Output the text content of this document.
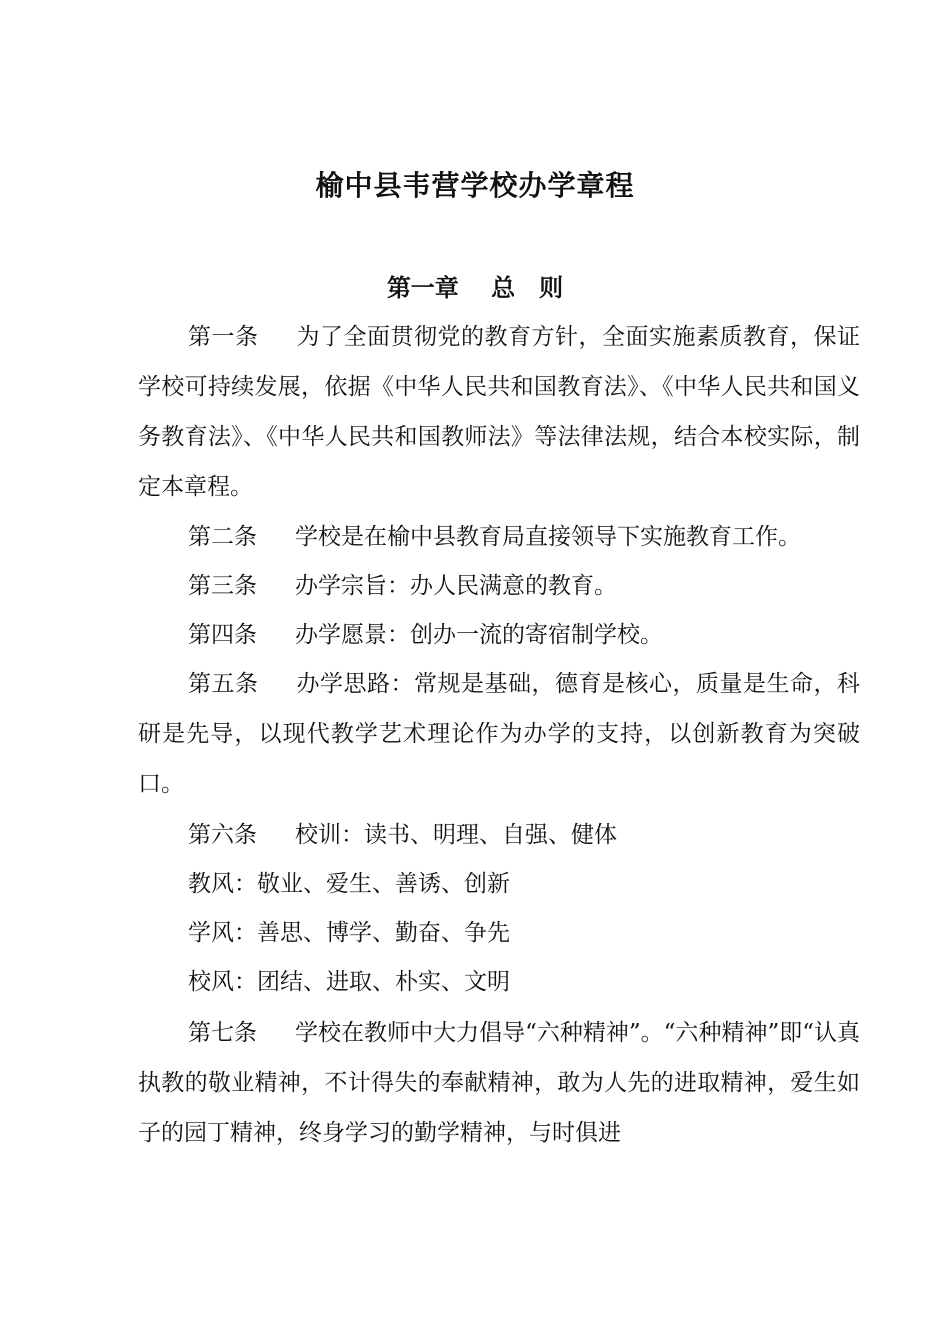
榆中县韦营学校办学章程
第一章　 总　则
第一条 为了全面贯彻党的教育方针，全面实施素质教育，保证学校可持续发展，依据《中华人民共和国教育法》、《中华人民共和国义务教育法》、《中华人民共和国教师法》等法律法规，结合本校实际，制定本章程。
第二条 学校是在榆中县教育局直接领导下实施教育工作。
第三条 办学宗旨：办人民满意的教育。
第四条 办学愿景：创办一流的寄宿制学校。
第五条 办学思路：常规是基础，德育是核心，质量是生命，科研是先导，以现代教学艺术理论作为办学的支持，以创新教育为突破口。
第六条 校训：读书、明理、自强、健体
教风：敬业、爱生、善诱、创新
学风：善思、博学、勤奋、争先
校风：团结、进取、朴实、文明
第七条 学校在教师中大力倡导“六种精神”。“六种精神”即“认真执教的敬业精神，不计得失的奉献精神，敢为人先的进取精神，爱生如子的园丁精神，终身学习的勤学精神，与时俱进
